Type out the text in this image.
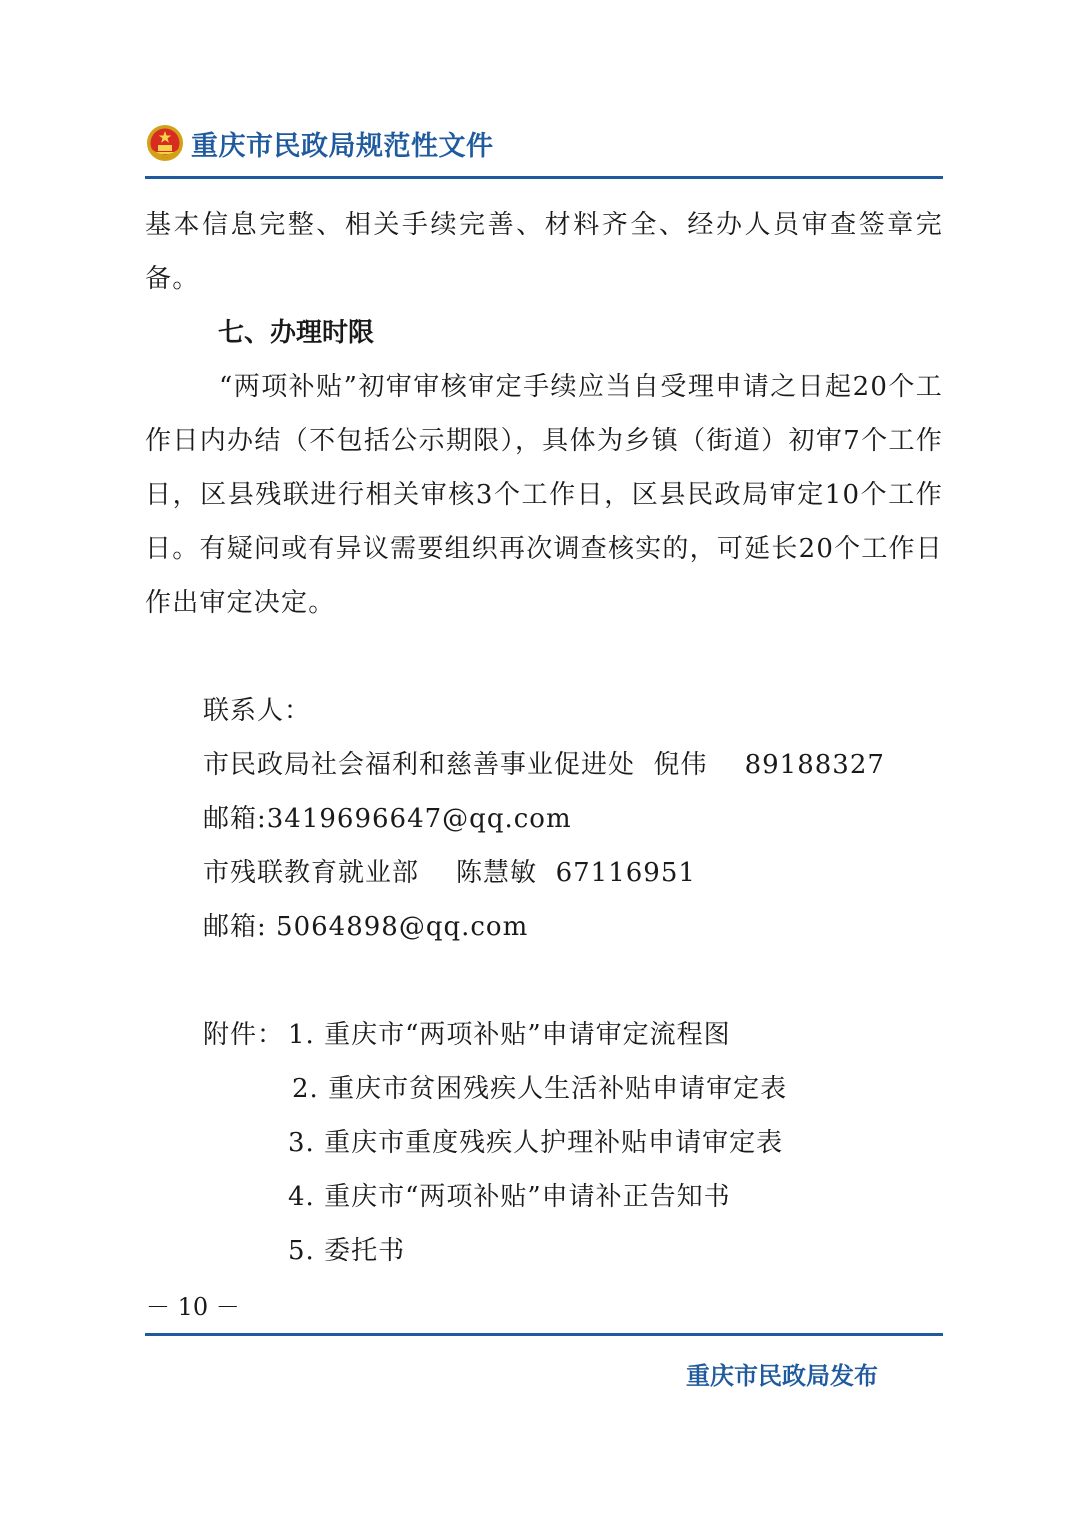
重庆市民政局规范性文件

基本信息完整、相关手续完善、材料齐全、经办人员审查签章完备。

七、办理时限

“两项补贴”初审审核审定手续应当自受理申请之日起20个工作日内办结（不包括公示期限），具体为乡镇（街道）初审7个工作日，区县残联进行相关审核3个工作日，区县民政局审定10个工作日。有疑问或有异议需要组织再次调查核实的，可延长20个工作日作出审定决定。

联系人：

市民政局社会福利和慈善事业促进处  倪伟    89188327

邮箱:3419696647@qq.com

市残联教育就业部    陈慧敏  67116951

邮箱: 5064898@qq.com

附件： 1. 重庆市“两项补贴”申请审定流程图

2. 重庆市贫困残疾人生活补贴申请审定表

3. 重庆市重度残疾人护理补贴申请审定表

4. 重庆市“两项补贴”申请补正告知书

5. 委托书

－ 10 －
重庆市民政局发布
